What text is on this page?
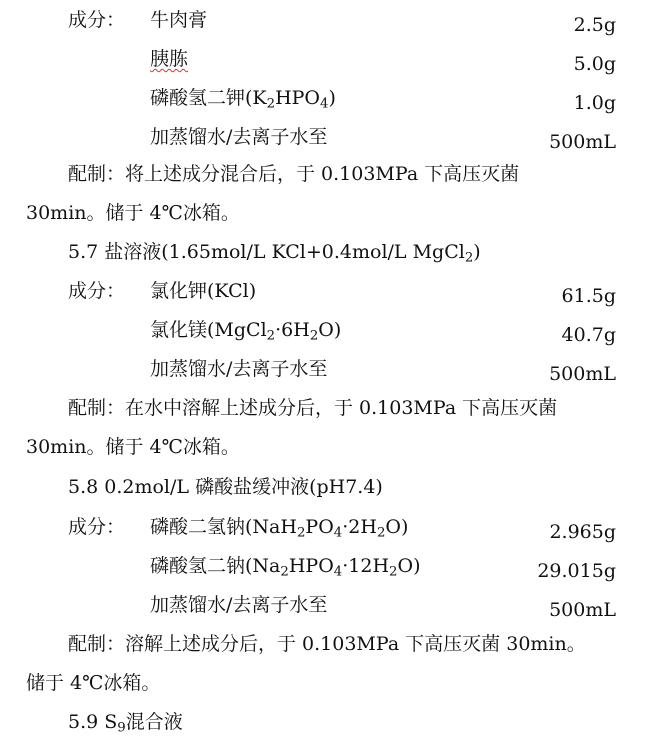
成分： 牛肉膏	2.5g
胰胨	5.0g
磷酸氢二钾$(K_2HPO_4)$	1.0g
加蒸馏水/去离子水至	500mL
配制：将上述成分混合后，于 0.103MPa 下高压灭菌
30min。储于 4℃冰箱。
5.7 盐溶液(1.65mol/L KCl+0.4mol/L MgCl$_2$)
成分： 氯化钾(KCl)	61.5g
氯化镁$(MgCl_2\cdot 6H_2O)$	40.7g
加蒸馏水/去离子水至	500mL
配制：在水中溶解上述成分后，于 0.103MPa 下高压灭菌
30min。储于 4℃冰箱。
5.8 0.2mol/L 磷酸盐缓冲液(pH7.4)
成分： 磷酸二氢钠$(NaH_2PO_4\cdot 2H_2O)$	2.965g
磷酸氢二钠$(Na_2HPO_4\cdot 12H_2O)$	29.015g
加蒸馏水/去离子水至	500mL
配制：溶解上述成分后，于 0.103MPa 下高压灭菌 30min。
储于 4℃冰箱。
5.9 $S_9$混合液
